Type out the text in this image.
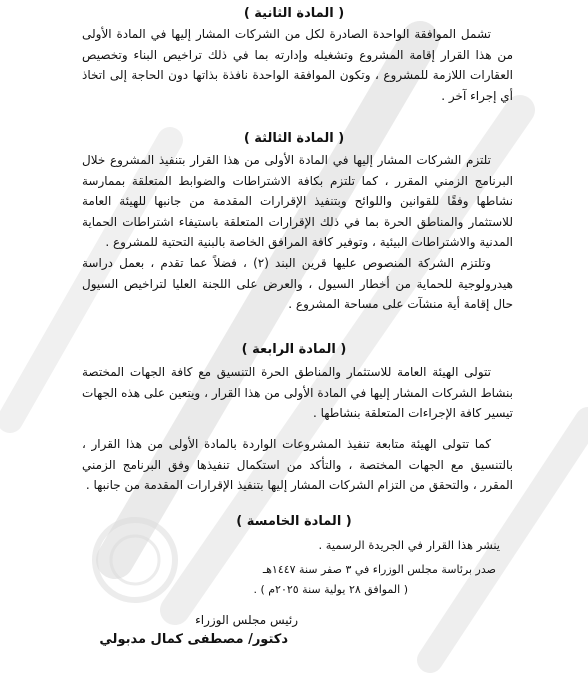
( المادة الثانية )
تشمل الموافقة الواحدة الصادرة لكل من الشركات المشار إليها في المادة الأولى من هذا القرار إقامة المشروع وتشغيله وإدارته بما في ذلك تراخيص البناء وتخصيص العقارات اللازمة للمشروع ، وتكون الموافقة الواحدة نافذة بذاتها دون الحاجة إلى اتخاذ أي إجراء آخر .
( المادة الثالثة )
تلتزم الشركات المشار إليها في المادة الأولى من هذا القرار بتنفيذ المشروع خلال البرنامج الزمني المقرر ، كما تلتزم بكافة الاشتراطات والضوابط المتعلقة بممارسة نشاطها وفقًا للقوانين واللوائح وبتنفيذ الإقرارات المقدمة من جانبها للهيئة العامة للاستثمار والمناطق الحرة بما في ذلك الإقرارات المتعلقة باستيفاء اشتراطات الحماية المدنية والاشتراطات البيئية ، وتوفير كافة المرافق الخاصة بالبنية التحتية للمشروع .
وتلتزم الشركة المنصوص عليها قرين البند (٢) ، فضلاً عما تقدم ، بعمل دراسة هيدرولوجية للحماية من أخطار السيول ، والعرض على اللجنة العليا لتراخيص السيول حال إقامة أية منشآت على مساحة المشروع .
( المادة الرابعة )
تتولى الهيئة العامة للاستثمار والمناطق الحرة التنسيق مع كافة الجهات المختصة بنشاط الشركات المشار إليها في المادة الأولى من هذا القرار ، ويتعين على هذه الجهات تيسير كافة الإجراءات المتعلقة بنشاطها .
كما تتولى الهيئة متابعة تنفيذ المشروعات الواردة بالمادة الأولى من هذا القرار ، بالتنسيق مع الجهات المختصة ، والتأكد من استكمال تنفيذها وفق البرنامج الزمني المقرر ، والتحقق من التزام الشركات المشار إليها بتنفيذ الإقرارات المقدمة من جانبها .
( المادة الخامسة )
ينشر هذا القرار في الجريدة الرسمية .
صدر برئاسة مجلس الوزراء في ٣ صفر سنة ١٤٤٧هـ
( الموافق ٢٨ يولية سنة ٢٠٢٥م ) .
رئيس مجلس الوزراء
دكتور/ مصطفى كمال مدبولي
